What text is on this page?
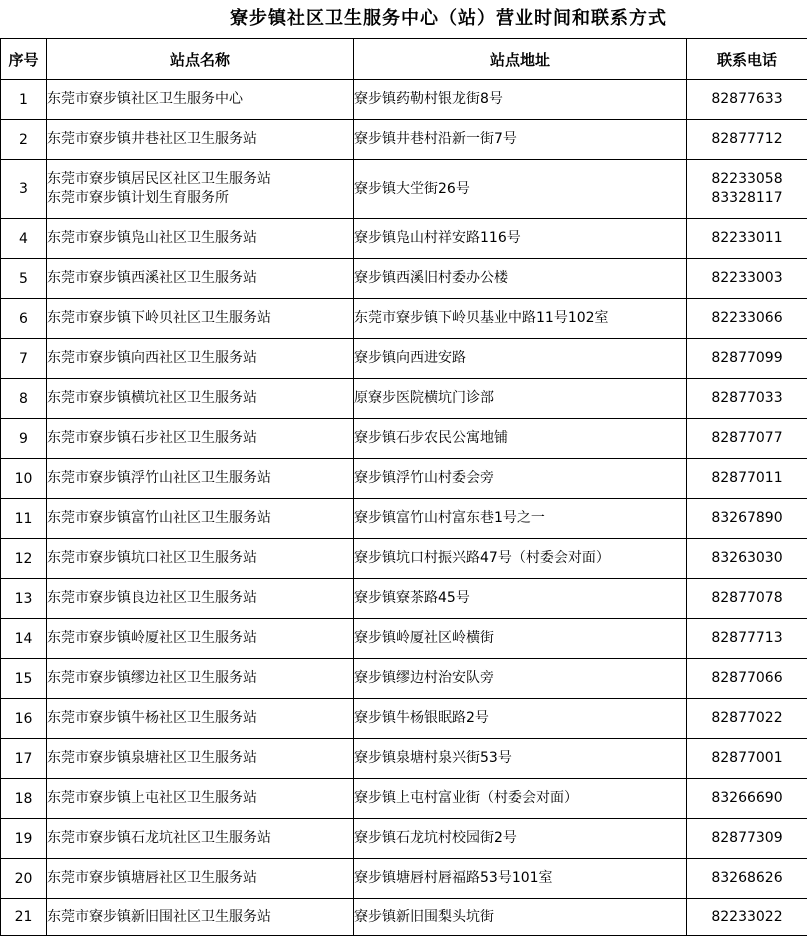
寮步镇社区卫生服务中心（站）营业时间和联系方式
序号	站点名称	站点地址	联系电话
1	东莞市寮步镇社区卫生服务中心	寮步镇药勒村银龙街8号	82877633

2	东莞市寮步镇井巷社区卫生服务站	寮步镇井巷村沿新一街7号	82877712

3	东莞市寮步镇居民区社区卫生服务站
东莞市寮步镇计划生育服务所	寮步镇大坣街26号	82233058
83328117

4	东莞市寮步镇凫山社区卫生服务站	寮步镇凫山村祥安路116号	82233011

5	东莞市寮步镇西溪社区卫生服务站	寮步镇西溪旧村委办公楼	82233003

6	东莞市寮步镇下岭贝社区卫生服务站	东莞市寮步镇下岭贝基业中路11号102室	82233066

7	东莞市寮步镇向西社区卫生服务站	寮步镇向西进安路	82877099

8	东莞市寮步镇横坑社区卫生服务站	原寮步医院横坑门诊部	82877033

9	东莞市寮步镇石步社区卫生服务站	寮步镇石步农民公寓地铺	82877077

10	东莞市寮步镇浮竹山社区卫生服务站	寮步镇浮竹山村委会旁	82877011

11	东莞市寮步镇富竹山社区卫生服务站	寮步镇富竹山村富东巷1号之一	83267890

12	东莞市寮步镇坑口社区卫生服务站	寮步镇坑口村振兴路47号（村委会对面）	83263030

13	东莞市寮步镇良边社区卫生服务站	寮步镇寮茶路45号	82877078

14	东莞市寮步镇岭厦社区卫生服务站	寮步镇岭厦社区岭横街	82877713

15	东莞市寮步镇缪边社区卫生服务站	寮步镇缪边村治安队旁	82877066

16	东莞市寮步镇牛杨社区卫生服务站	寮步镇牛杨银眠路2号	82877022

17	东莞市寮步镇泉塘社区卫生服务站	寮步镇泉塘村泉兴街53号	82877001

18	东莞市寮步镇上屯社区卫生服务站	寮步镇上屯村富业街（村委会对面）	83266690

19	东莞市寮步镇石龙坑社区卫生服务站	寮步镇石龙坑村校园街2号	82877309

20	东莞市寮步镇塘唇社区卫生服务站	寮步镇塘唇村唇福路53号101室	83268626

21	东莞市寮步镇新旧围社区卫生服务站	寮步镇新旧围梨头坑街	82233022
